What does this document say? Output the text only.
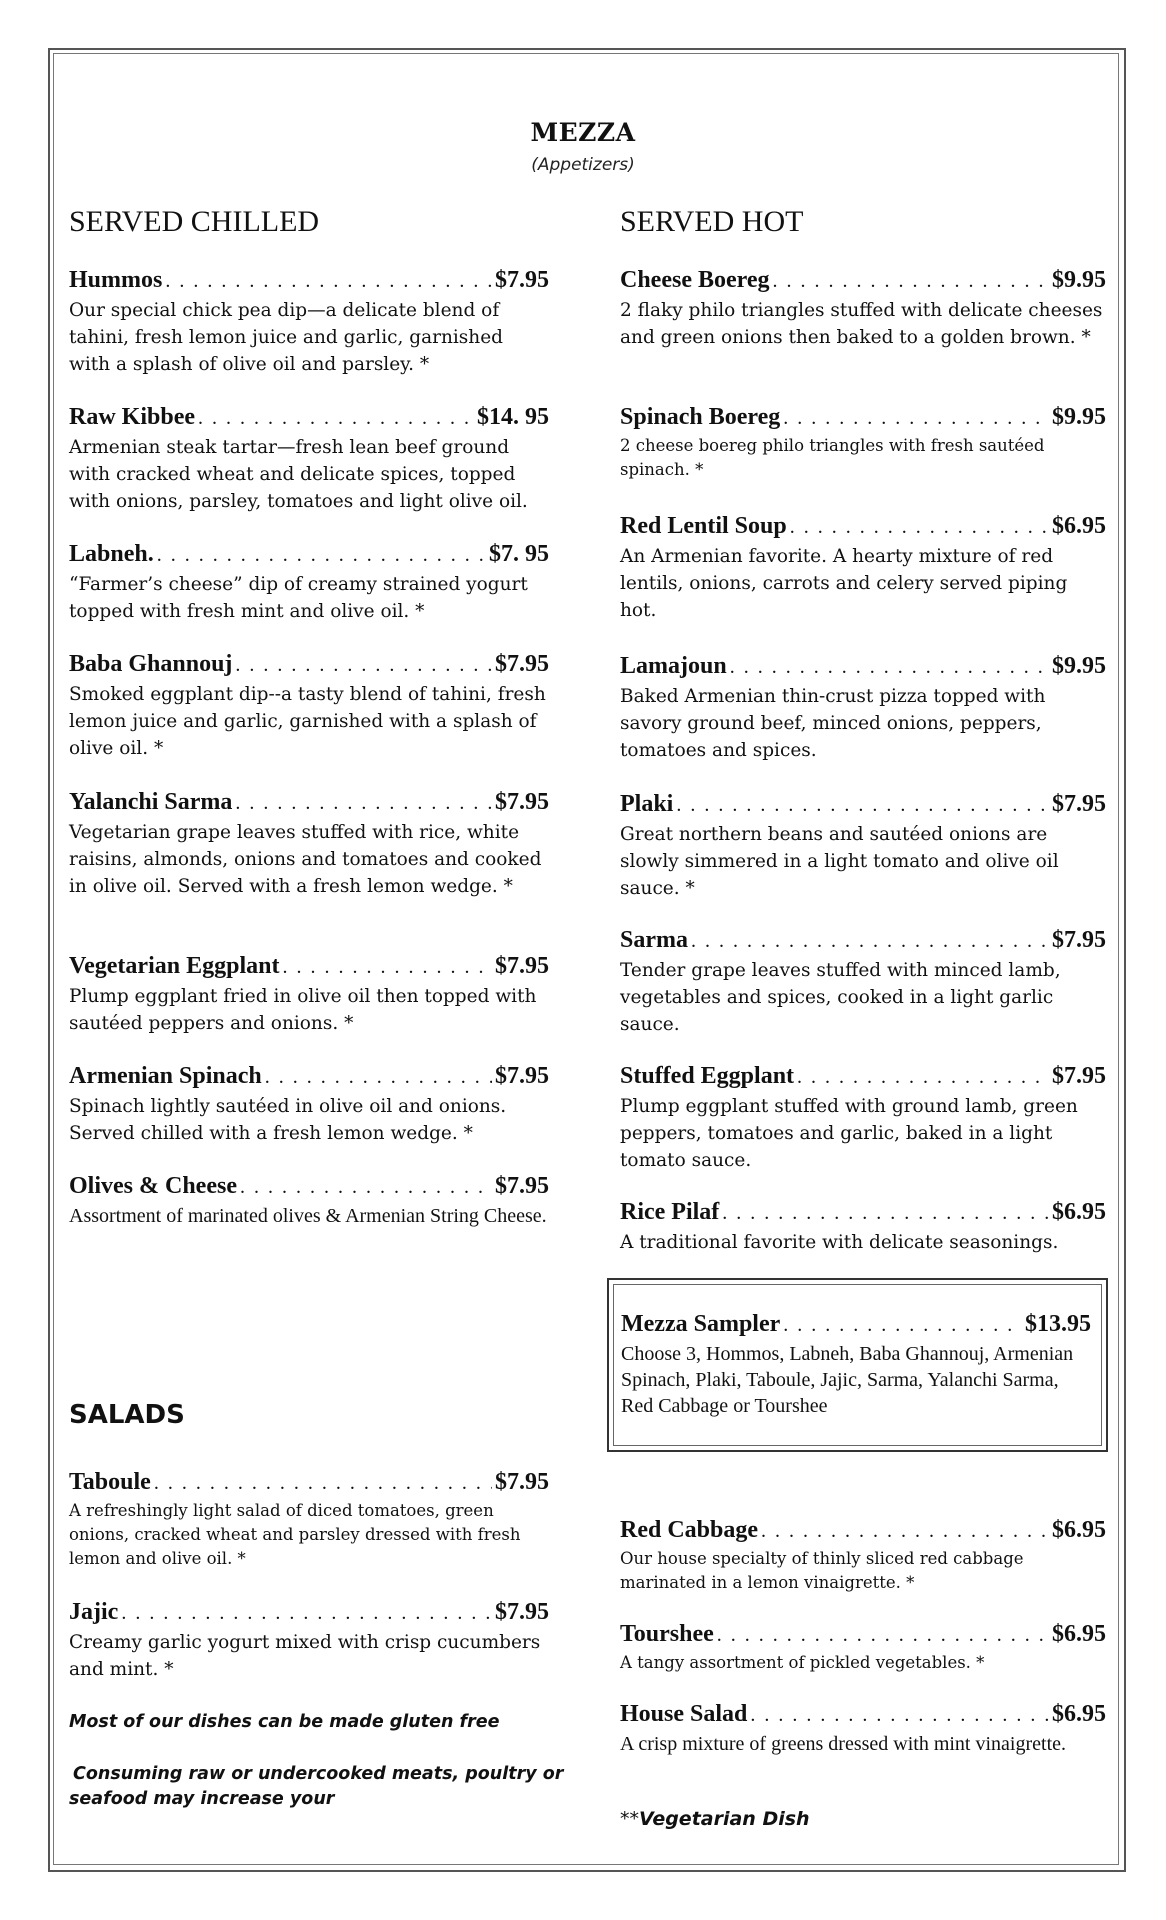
MEZZA
(Appetizers)
SERVED CHILLED
Hummos . . .	$7.95
Our special chick pea dip—a delicate blend of tahini, fresh lemon juice and garlic, garnished with a splash of olive oil and parsley. *
Raw Kibbee . . .	$14. 95
Armenian steak tartar—fresh lean beef ground with cracked wheat and delicate spices, topped with onions, parsley, tomatoes and light olive oil.
Labneh. . . .	$7. 95
“Farmer’s cheese” dip of creamy strained yogurt topped with fresh mint and olive oil. *
Baba Ghannouj . . .	$7.95
Smoked eggplant dip--a tasty blend of tahini, fresh lemon juice and garlic, garnished with a splash of olive oil. *
Yalanchi Sarma . . .	$7.95
Vegetarian grape leaves stuffed with rice, white raisins, almonds, onions and tomatoes and cooked in olive oil. Served with a fresh lemon wedge. *
Vegetarian Eggplant . . .	$7.95
Plump eggplant fried in olive oil then topped with sautéed peppers and onions. *
Armenian Spinach . . .	$7.95
Spinach lightly sautéed in olive oil and onions. Served chilled with a fresh lemon wedge. *
Olives & Cheese . . .	$7.95
Assortment of marinated olives & Armenian String Cheese.
SERVED HOT
Cheese Boereg . . .	$9.95
2 flaky philo triangles stuffed with delicate cheeses and green onions then baked to a golden brown. *
Spinach Boereg . . .	$9.95
2 cheese boereg philo triangles with fresh sautéed spinach. *
Red Lentil Soup . . .	$6.95
An Armenian favorite. A hearty mixture of red lentils, onions, carrots and celery served piping hot.
Lamajoun . . .	$9.95
Baked Armenian thin-crust pizza topped with savory ground beef, minced onions, peppers, tomatoes and spices.
Plaki . . .	$7.95
Great northern beans and sautéed onions are slowly simmered in a light tomato and olive oil sauce. *
Sarma . . .	$7.95
Tender grape leaves stuffed with minced lamb, vegetables and spices, cooked in a light garlic sauce.
Stuffed Eggplant . . .	$7.95
Plump eggplant stuffed with ground lamb, green peppers, tomatoes and garlic, baked in a light tomato sauce.
Rice Pilaf . . .	$6.95
A traditional favorite with delicate seasonings.
Mezza Sampler . . .	$13.95
Choose 3, Hommos, Labneh, Baba Ghannouj, Armenian Spinach, Plaki, Taboule, Jajic, Sarma, Yalanchi Sarma, Red Cabbage or Tourshee
SALADS
Taboule . . .	$7.95
A refreshingly light salad of diced tomatoes, green onions, cracked wheat and parsley dressed with fresh lemon and olive oil. *
Jajic . . .	$7.95
Creamy garlic yogurt mixed with crisp cucumbers and mint. *
Most of our dishes can be made gluten free
Consuming raw or undercooked meats, poultry or seafood may increase your
Red Cabbage . . .	$6.95
Our house specialty of thinly sliced red cabbage marinated in a lemon vinaigrette. *
Tourshee . . .	$6.95
A tangy assortment of pickled vegetables. *
House Salad . . .	$6.95
A crisp mixture of greens dressed with mint vinaigrette.
**Vegetarian Dish
